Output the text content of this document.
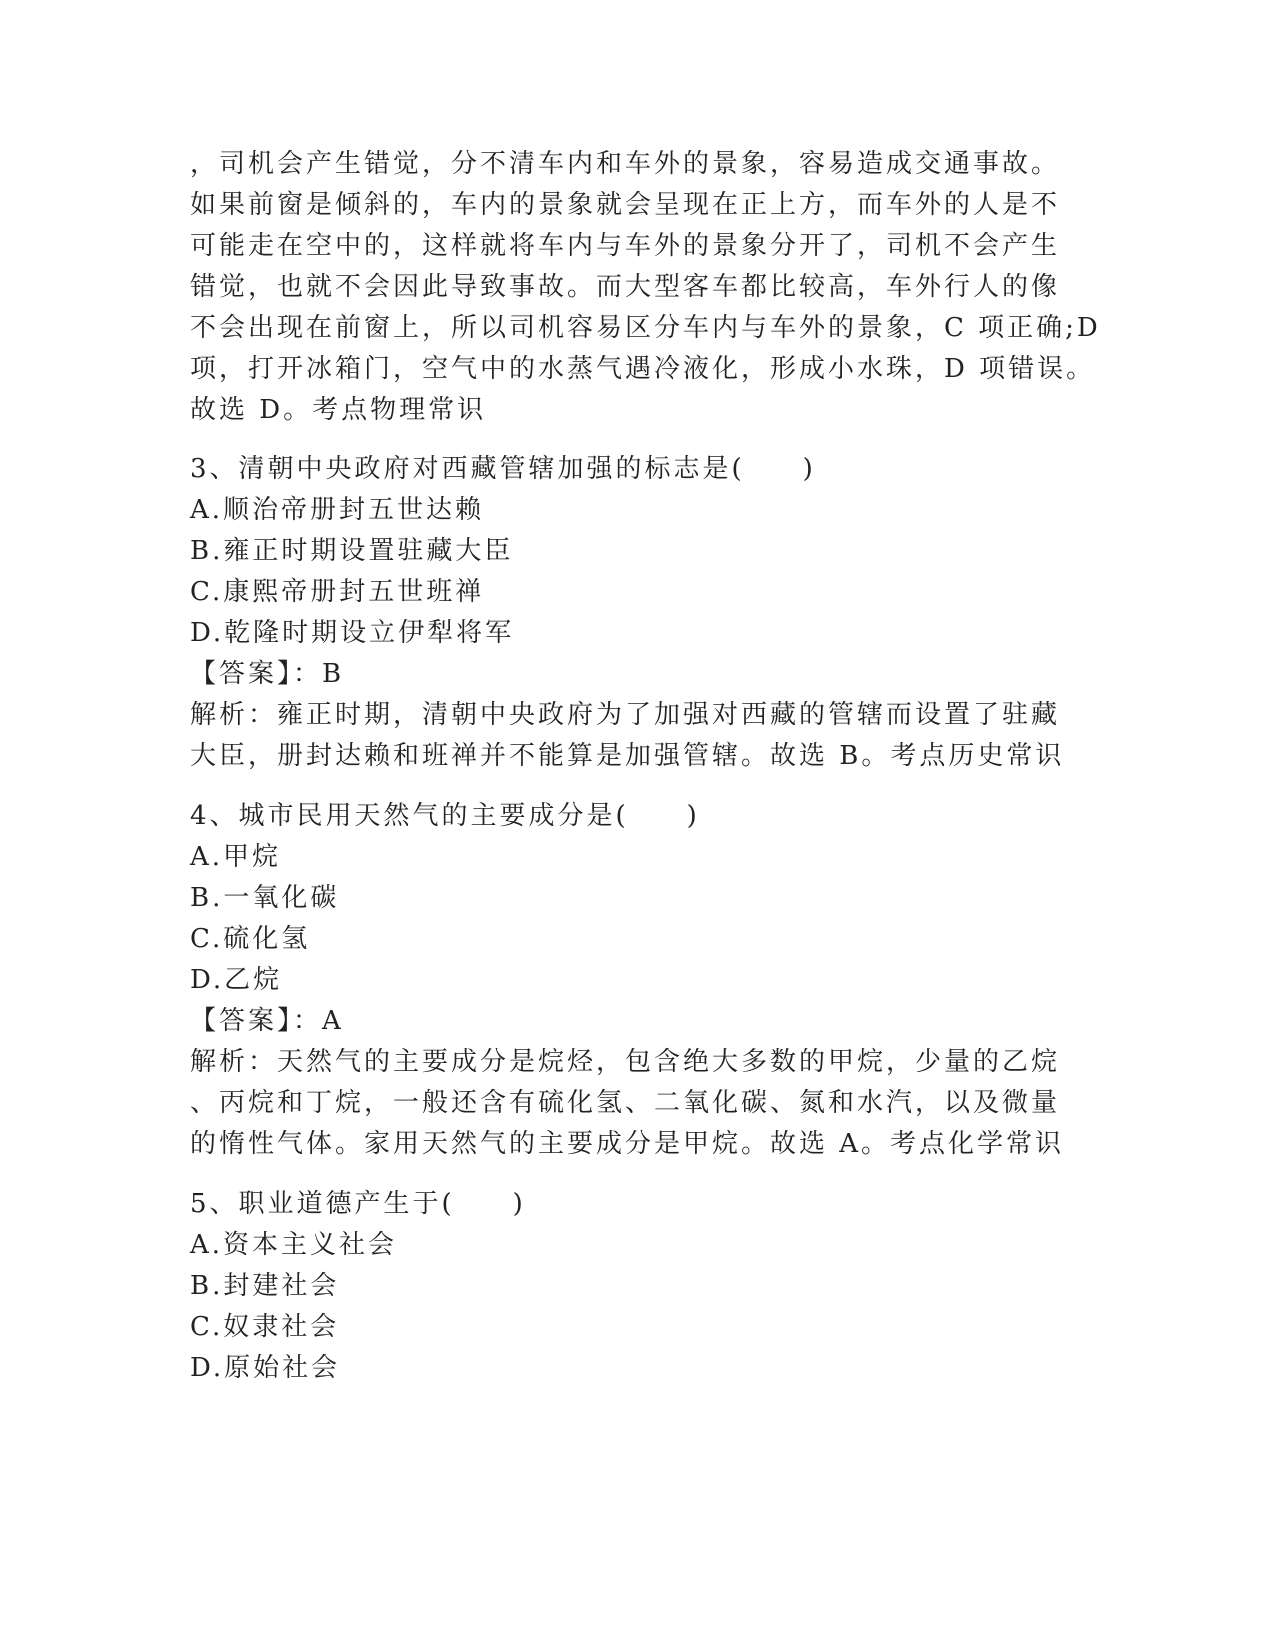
，司机会产生错觉，分不清车内和车外的景象，容易造成交通事故。
如果前窗是倾斜的，车内的景象就会呈现在正上方，而车外的人是不
可能走在空中的，这样就将车内与车外的景象分开了，司机不会产生
错觉，也就不会因此导致事故。而大型客车都比较高，车外行人的像
不会出现在前窗上，所以司机容易区分车内与车外的景象，C 项正确;D
项，打开冰箱门，空气中的水蒸气遇冷液化，形成小水珠，D 项错误。
故选 D。考点物理常识
3、清朝中央政府对西藏管辖加强的标志是(　　)
A.顺治帝册封五世达赖
B.雍正时期设置驻藏大臣
C.康熙帝册封五世班禅
D.乾隆时期设立伊犁将军
【答案】：B
解析：雍正时期，清朝中央政府为了加强对西藏的管辖而设置了驻藏
大臣，册封达赖和班禅并不能算是加强管辖。故选 B。考点历史常识
4、城市民用天然气的主要成分是(　　)
A.甲烷
B.一氧化碳
C.硫化氢
D.乙烷
【答案】：A
解析：天然气的主要成分是烷烃，包含绝大多数的甲烷，少量的乙烷
、丙烷和丁烷，一般还含有硫化氢、二氧化碳、氮和水汽，以及微量
的惰性气体。家用天然气的主要成分是甲烷。故选 A。考点化学常识
5、职业道德产生于(　　)
A.资本主义社会
B.封建社会
C.奴隶社会
D.原始社会
